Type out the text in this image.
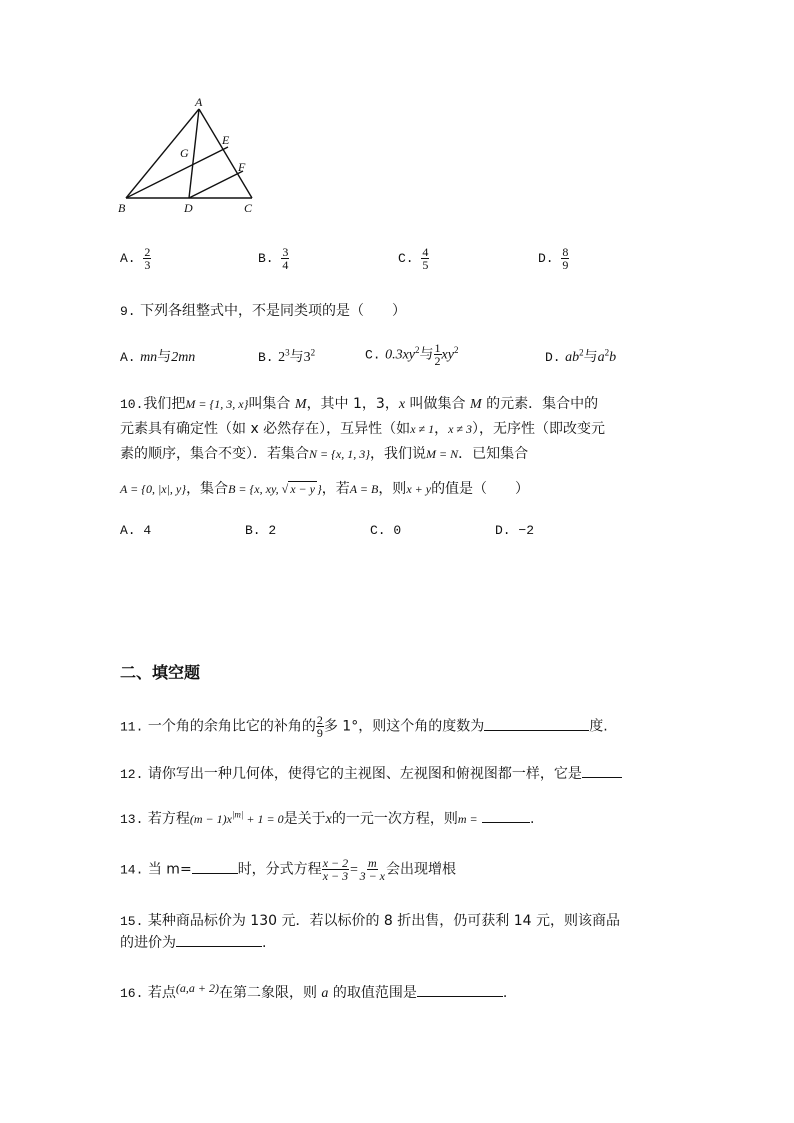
A
B	C
D
E
F
G
A. $\frac{2}{3}$	B. $\frac{3}{4}$	C. $\frac{4}{5}$	D. $\frac{8}{9}$
9. 下列各组整式中，不是同类项的是（　　）
A. mn与2mn	B. $2^3$与$3^2$	C. $0.3xy^2$与 $\frac{1}{2} xy^2$
D. $ab^2$与$a^2b$
10.我们把M = {1, 3, x}叫集合 M，其中 1，3，x 叫做集合 M 的元素．集合中的
元素具有确定性（如 x 必然存在），互异性（如x ≠ 1，x ≠ 3），无序性（即改变元
素的顺序，集合不变）．若集合N = {x, 1, 3}，我们说M = N．已知集合
A = {0, |x|, y}，集合B = {x, xy, √ x − y }，若A = B，则x + y的值是（　　）
A. 4	B. 2	C. 0	D. −2
二、填空题
11. 一个角的余角比它的补角的 $\frac{2}{9}$ 多 1°，则这个角的度数为	度.
12. 请你写出一种几何体，使得它的主视图、左视图和俯视图都一样，它是
13. 若方程$(m - 1)x^{|m|} + 1 = 0$是关于x的一元一次方程，则m =	.
14. 当 m=	时，分式方程 $\frac{x - 2}{x - 3} = \frac{m}{3 - x}$ 会出现增根
15. 某种商品标价为 130 元．若以标价的 8 折出售，仍可获利 14 元，则该商品
的进价为	.
16. 若点(a,a + 2)在第二象限，则 a 的取值范围是	.
